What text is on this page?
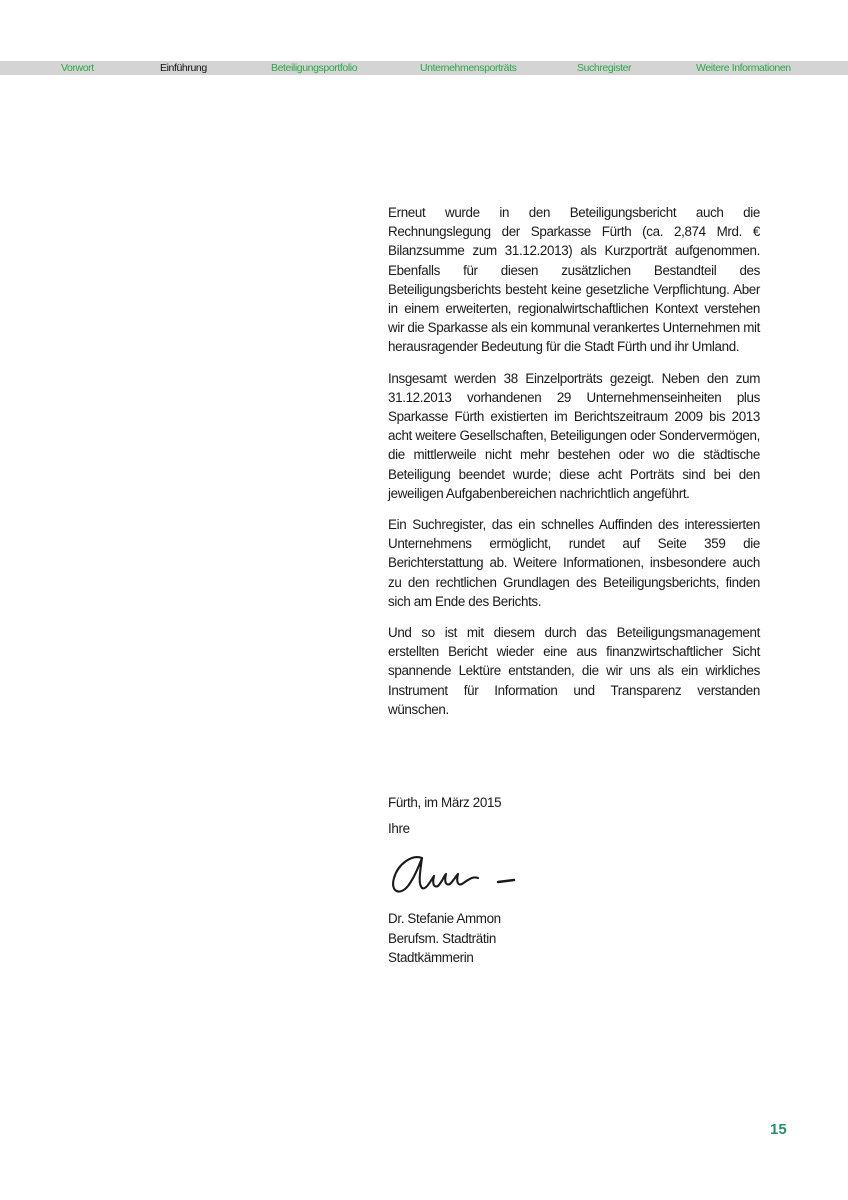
Vorwort	Einführung	Beteiligungsportfolio	Unternehmensporträts	Suchregister	Weitere Informationen

Erneut wurde in den Beteiligungsbericht auch die Rechnungslegung der Sparkasse Fürth (ca. 2,874 Mrd. € Bilanzsumme zum 31.12.2013) als Kurzporträt aufgenommen. Ebenfalls für diesen zusätzlichen Bestandteil des Beteiligungsberichts besteht keine gesetzliche Verpflichtung. Aber in einem erweiterten, regionalwirtschaftlichen Kontext verstehen wir die Sparkasse als ein kommunal verankertes Unternehmen mit herausragender Bedeutung für die Stadt Fürth und ihr Umland.

Insgesamt werden 38 Einzelporträts gezeigt. Neben den zum 31.12.2013 vorhandenen 29 Unternehmenseinheiten plus Sparkasse Fürth existierten im Berichtszeitraum 2009 bis 2013 acht weitere Gesellschaften, Beteiligungen oder Sondervermögen, die mittlerweile nicht mehr bestehen oder wo die städtische Beteiligung beendet wurde; diese acht Porträts sind bei den jeweiligen Aufgabenbereichen nachrichtlich angeführt.

Ein Suchregister, das ein schnelles Auffinden des interessierten Unternehmens ermöglicht, rundet auf Seite 359 die Berichterstattung ab. Weitere Informationen, insbesondere auch zu den rechtlichen Grundlagen des Beteiligungsberichts, finden sich am Ende des Berichts.

Und so ist mit diesem durch das Beteiligungsmanagement erstellten Bericht wieder eine aus finanzwirtschaftlicher Sicht spannende Lektüre entstanden, die wir uns als ein wirkliches Instrument für Information und Transparenz verstanden wünschen.

Fürth, im März 2015
Ihre
Dr. Stefanie Ammon
Berufsm. Stadträtin
Stadtkämmerin
15
